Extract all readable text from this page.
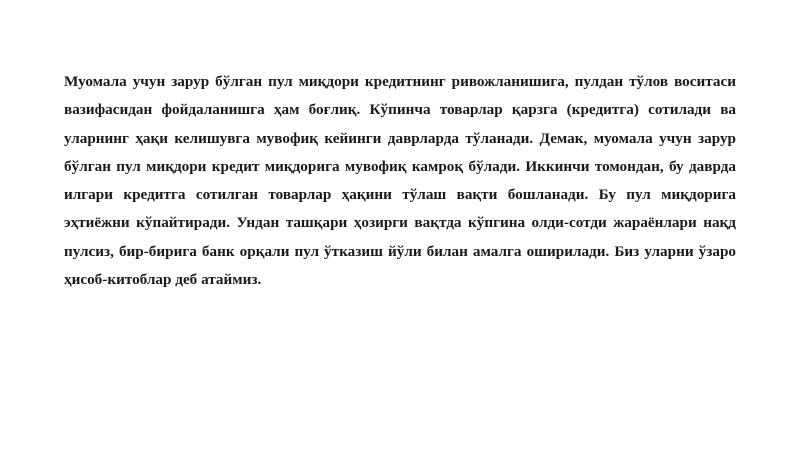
Муомала учун зарур бўлган пул миқдори кредитнинг ривожланишига, пулдан тўлов воситаси вазифасидан фойдаланишга ҳам боғлиқ. Кўпинча товарлар қарзга (кредитга) сотилади ва уларнинг ҳақи келишувга мувофиқ кейинги даврларда тўланади. Демак, муомала учун зарур бўлган пул миқдори кредит миқдорига мувофиқ камроқ бўлади. Иккинчи томондан, бу даврда илгари кредитга сотилган товарлар ҳақини тўлаш вақти бошланади. Бу пул миқдорига эҳтиёжни кўпайтиради. Ундан ташқари ҳозирги вақтда кўпгина олди-сотди жараёнлари нақд пулсиз, бир-бирига банк орқали пул ўтказиш йўли билан амалга оширилади. Биз уларни ўзаро ҳисоб-китоблар деб атаймиз.
